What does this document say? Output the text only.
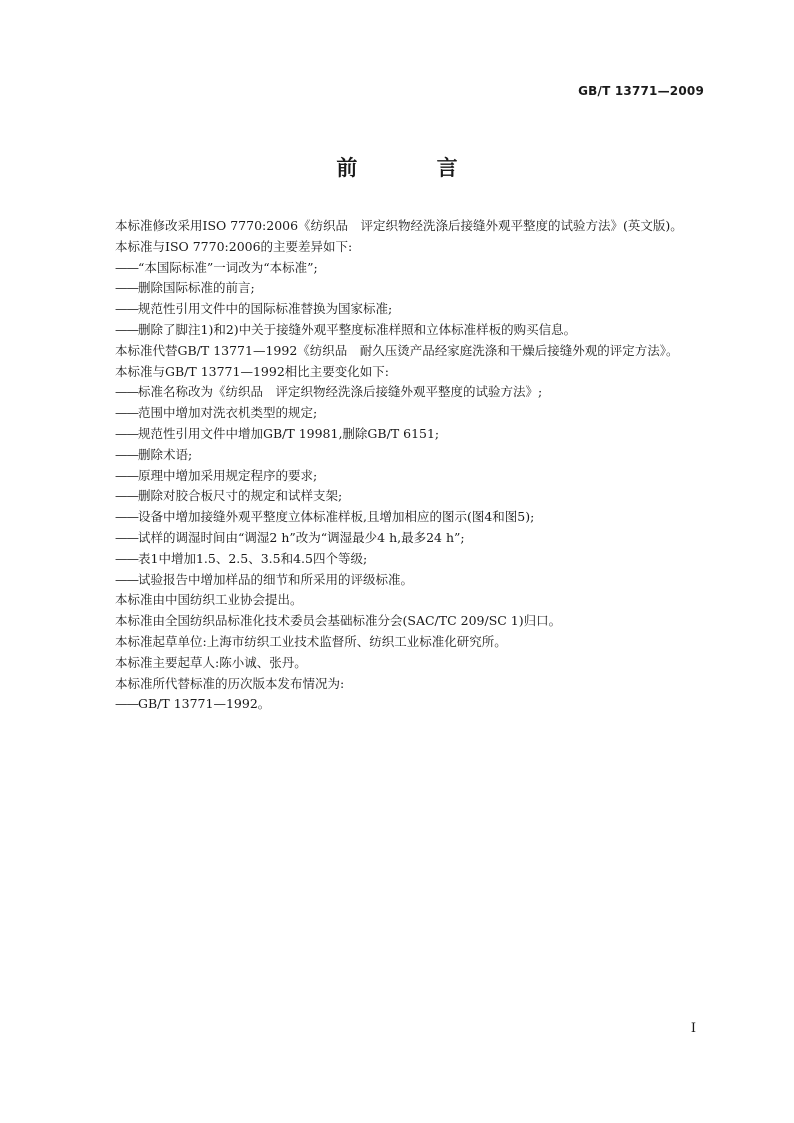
GB/T 13771—2009
前 言

本标准修改采用ISO 7770:2006《纺织品　评定织物经洗涤后接缝外观平整度的试验方法》(英文版)。

本标准与ISO 7770:2006的主要差异如下:

——“本国际标准”一词改为“本标准”;

——删除国际标准的前言;

——规范性引用文件中的国际标准替换为国家标准;

——删除了脚注1)和2)中关于接缝外观平整度标准样照和立体标准样板的购买信息。

本标准代替GB/T 13771—1992《纺织品　耐久压烫产品经家庭洗涤和干燥后接缝外观的评定方法》。

本标准与GB/T 13771—1992相比主要变化如下:

——标准名称改为《纺织品　评定织物经洗涤后接缝外观平整度的试验方法》;

——范围中增加对洗衣机类型的规定;

——规范性引用文件中增加GB/T 19981,删除GB/T 6151;

——删除术语;

——原理中增加采用规定程序的要求;

——删除对胶合板尺寸的规定和试样支架;

——设备中增加接缝外观平整度立体标准样板,且增加相应的图示(图4和图5);

——试样的调湿时间由“调湿2 h”改为“调湿最少4 h,最多24 h”;

——表1中增加1.5、2.5、3.5和4.5四个等级;

——试验报告中增加样品的细节和所采用的评级标准。

本标准由中国纺织工业协会提出。

本标准由全国纺织品标准化技术委员会基础标准分会(SAC/TC 209/SC 1)归口。

本标准起草单位:上海市纺织工业技术监督所、纺织工业标准化研究所。

本标准主要起草人:陈小诚、张丹。

本标准所代替标准的历次版本发布情况为:

——GB/T 13771—1992。

I
